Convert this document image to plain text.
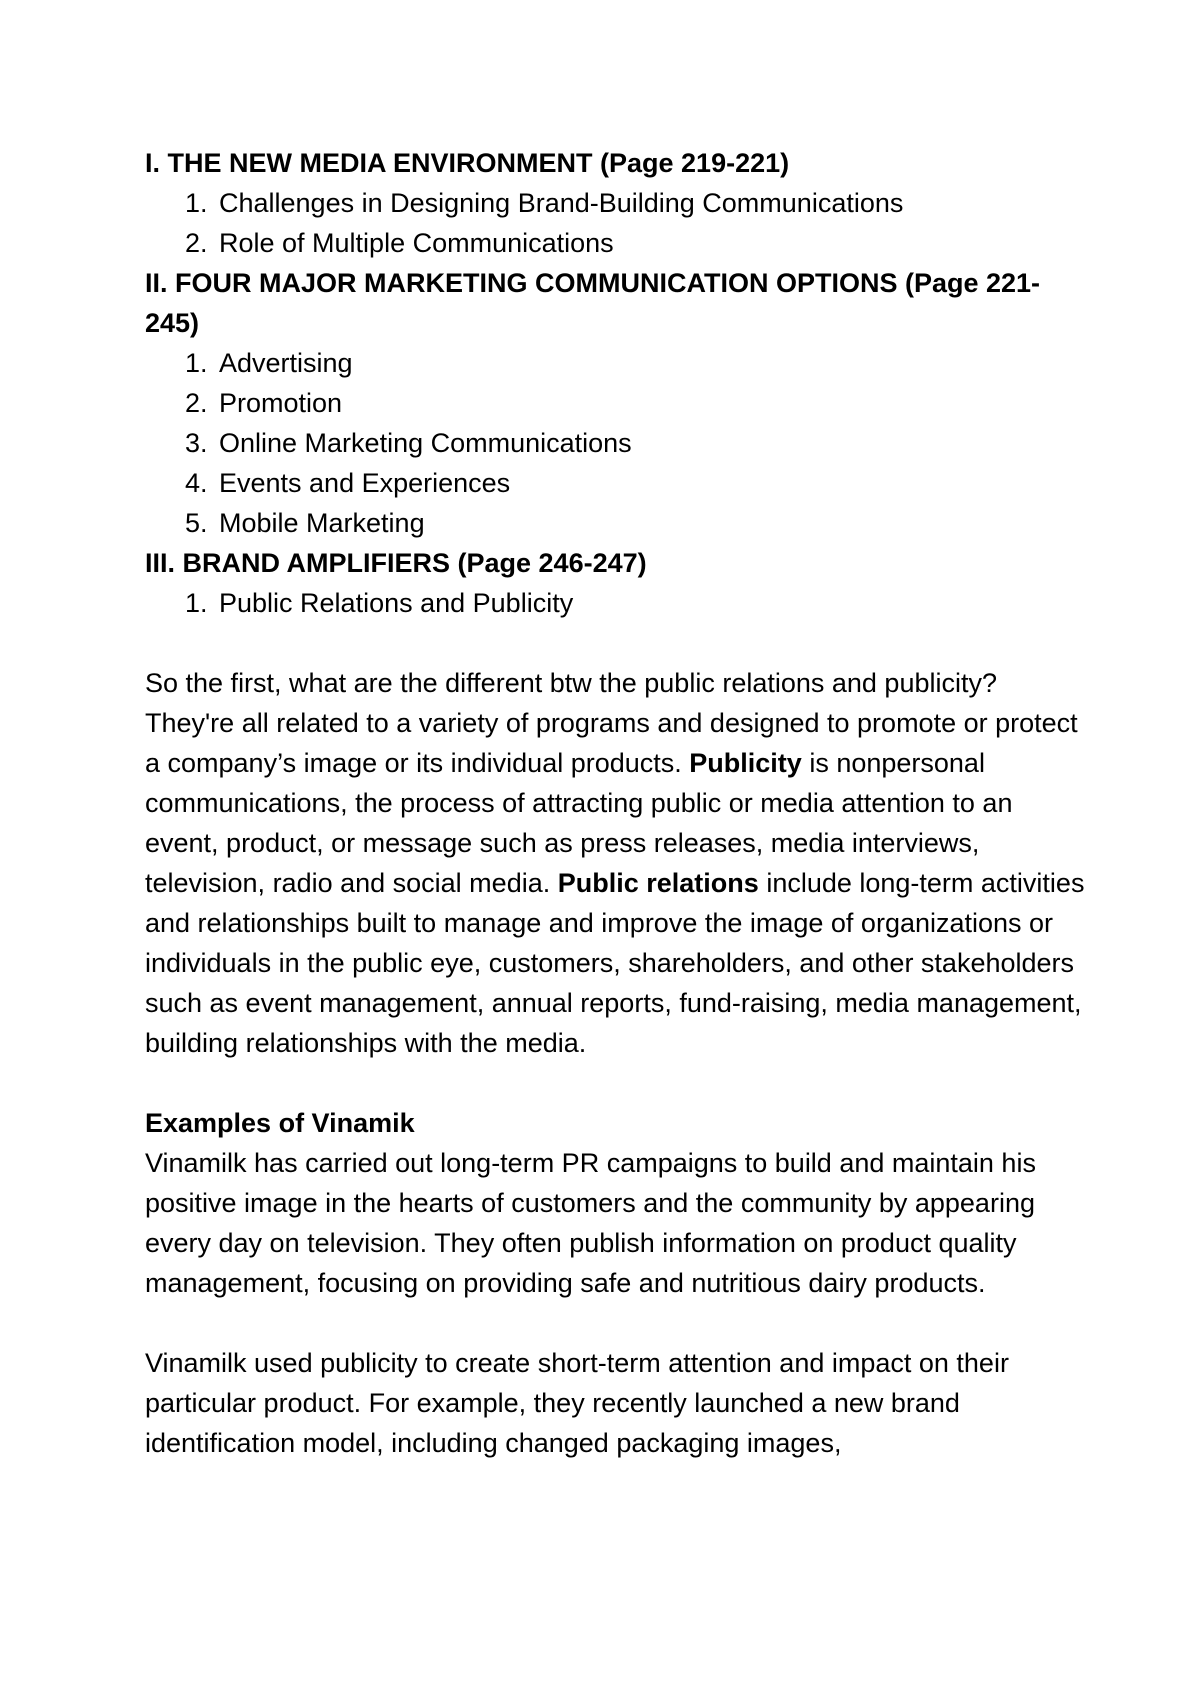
I. THE NEW MEDIA ENVIRONMENT (Page 219-221)
1. Challenges in Designing Brand-Building Communications
2. Role of Multiple Communications
II. FOUR MAJOR MARKETING COMMUNICATION OPTIONS (Page 221-245)
1. Advertising
2. Promotion
3. Online Marketing Communications
4. Events and Experiences
5. Mobile Marketing
III. BRAND AMPLIFIERS (Page 246-247)
1. Public Relations and Publicity

So the first, what are the different btw the public relations and publicity? They're all related to a variety of programs and designed to promote or protect a company’s image or its individual products. Publicity is nonpersonal communications, the process of attracting public or media attention to an event, product, or message such as press releases, media interviews, television, radio and social media. Public relations include long-term activities and relationships built to manage and improve the image of organizations or individuals in the public eye, customers, shareholders, and other stakeholders such as event management, annual reports, fund-raising, media management, building relationships with the media.

Examples of Vinamik

Vinamilk has carried out long-term PR campaigns to build and maintain his positive image in the hearts of customers and the community by appearing every day on television. They often publish information on product quality management, focusing on providing safe and nutritious dairy products.

Vinamilk used publicity to create short-term attention and impact on their particular product. For example, they recently launched a new brand identification model, including changed packaging images,
